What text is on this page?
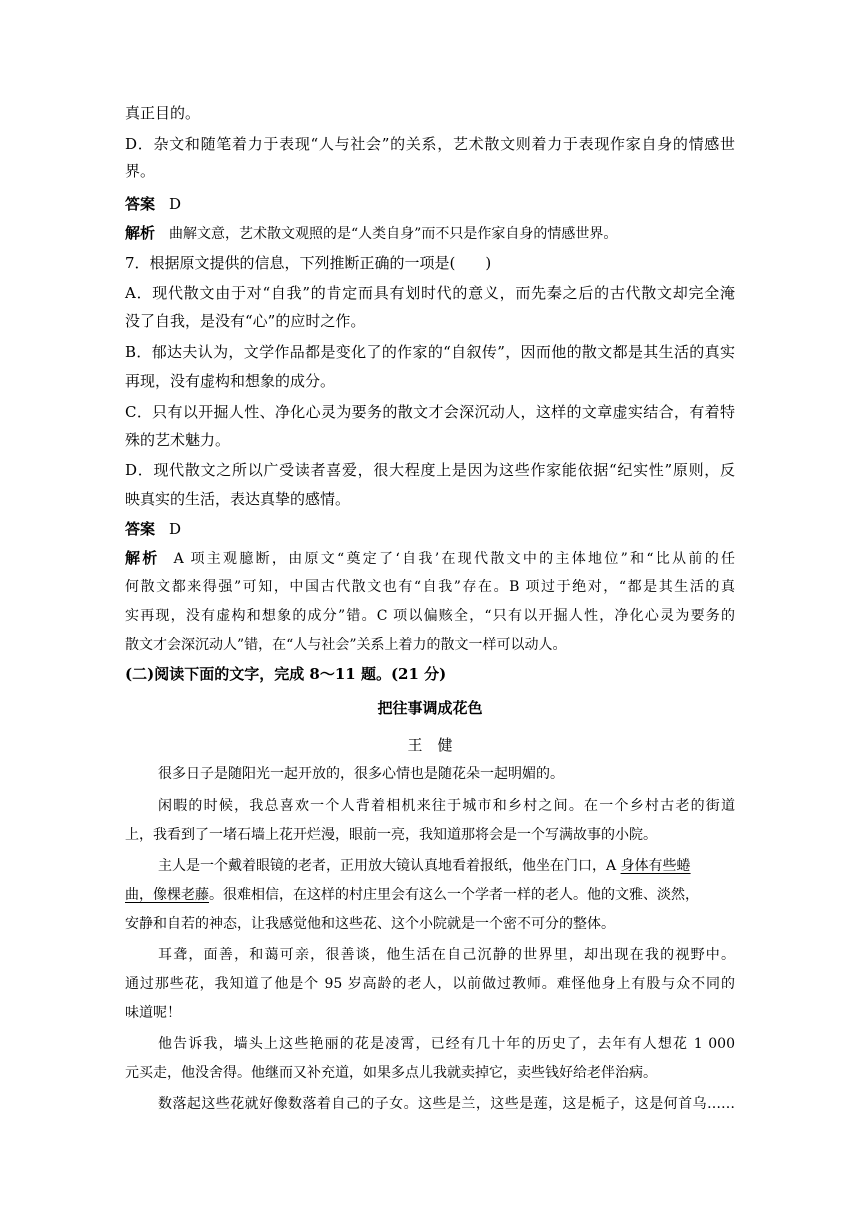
真正目的。
D．杂文和随笔着力于表现“人与社会”的关系，艺术散文则着力于表现作家自身的情感世
界。
答案 D
解析 曲解文意，艺术散文观照的是“人类自身”而不只是作家自身的情感世界。
7．根据原文提供的信息，下列推断正确的一项是(　　)
A．现代散文由于对“自我”的肯定而具有划时代的意义，而先秦之后的古代散文却完全淹
没了自我，是没有“心”的应时之作。
B．郁达夫认为，文学作品都是变化了的作家的“自叙传”，因而他的散文都是其生活的真实
再现，没有虚构和想象的成分。
C．只有以开掘人性、净化心灵为要务的散文才会深沉动人，这样的文章虚实结合，有着特
殊的艺术魅力。
D．现代散文之所以广受读者喜爱，很大程度上是因为这些作家能依据“纪实性”原则，反
映真实的生活，表达真挚的感情。
答案 D
解析 A 项主观臆断，由原文“奠定了‘自我’在现代散文中的主体地位”和“比从前的任
何散文都来得强”可知，中国古代散文也有“自我”存在。B 项过于绝对，“都是其生活的真
实再现，没有虚构和想象的成分”错。C 项以偏赅全，“只有以开掘人性，净化心灵为要务的
散文才会深沉动人”错，在“人与社会”关系上着力的散文一样可以动人。
(二)阅读下面的文字，完成 8～11 题。(21 分)
把往事调成花色
王　健
很多日子是随阳光一起开放的，很多心情也是随花朵一起明媚的。
闲暇的时候，我总喜欢一个人背着相机来往于城市和乡村之间。在一个乡村古老的街道
上，我看到了一堵石墙上花开烂漫，眼前一亮，我知道那将会是一个写满故事的小院。
主人是一个戴着眼镜的老者，正用放大镜认真地看着报纸，他坐在门口，A 身体有些蜷
曲，像棵老藤。很难相信，在这样的村庄里会有这么一个学者一样的老人。他的文雅、淡然，
安静和自若的神态，让我感觉他和这些花、这个小院就是一个密不可分的整体。
耳聋，面善，和蔼可亲，很善谈，他生活在自己沉静的世界里，却出现在我的视野中。
通过那些花，我知道了他是个 95 岁高龄的老人，以前做过教师。难怪他身上有股与众不同的
味道呢！
他告诉我，墙头上这些艳丽的花是凌霄，已经有几十年的历史了，去年有人想花 1 000
元买走，他没舍得。他继而又补充道，如果多点儿我就卖掉它，卖些钱好给老伴治病。
数落起这些花就好像数落着自己的子女。这些是兰，这些是莲，这是栀子，这是何首乌……
